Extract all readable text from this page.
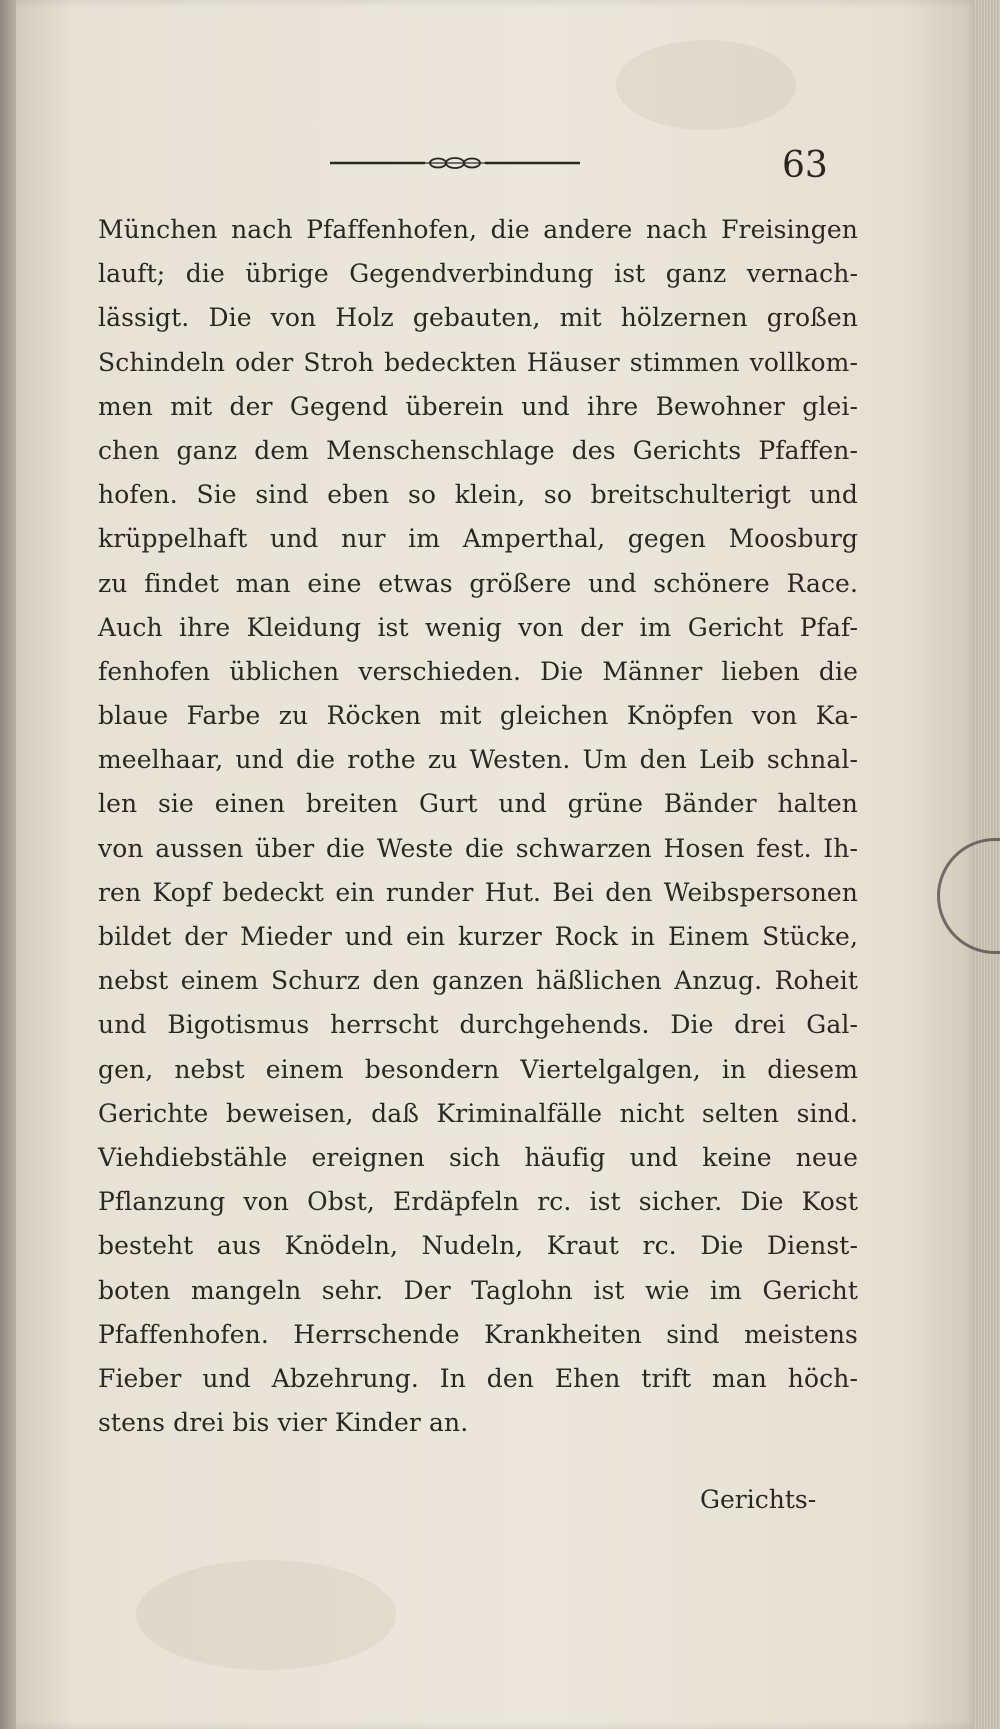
63
München nach Pfaffenhofen, die andere nach Freisingen
lauft; die übrige Gegendverbindung ist ganz vernach-
lässigt. Die von Holz gebauten, mit hölzernen großen
Schindeln oder Stroh bedeckten Häuser stimmen vollkom-
men mit der Gegend überein und ihre Bewohner glei-
chen ganz dem Menschenschlage des Gerichts Pfaffen-
hofen. Sie sind eben so klein, so breitschulterigt und
krüppelhaft und nur im Amperthal, gegen Moosburg
zu findet man eine etwas größere und schönere Race.
Auch ihre Kleidung ist wenig von der im Gericht Pfaf-
fenhofen üblichen verschieden. Die Männer lieben die
blaue Farbe zu Röcken mit gleichen Knöpfen von Ka-
meelhaar, und die rothe zu Westen. Um den Leib schnal-
len sie einen breiten Gurt und grüne Bänder halten
von aussen über die Weste die schwarzen Hosen fest. Ih-
ren Kopf bedeckt ein runder Hut. Bei den Weibspersonen
bildet der Mieder und ein kurzer Rock in Einem Stücke,
nebst einem Schurz den ganzen häßlichen Anzug. Roheit
und Bigotismus herrscht durchgehends. Die drei Gal-
gen, nebst einem besondern Viertelgalgen, in diesem
Gerichte beweisen, daß Kriminalfälle nicht selten sind.
Viehdiebstähle ereignen sich häufig und keine neue
Pflanzung von Obst, Erdäpfeln rc. ist sicher. Die Kost
besteht aus Knödeln, Nudeln, Kraut rc. Die Dienst-
boten mangeln sehr. Der Taglohn ist wie im Gericht
Pfaffenhofen. Herrschende Krankheiten sind meistens
Fieber und Abzehrung. In den Ehen trift man höch-
stens drei bis vier Kinder an.
Gerichts-
